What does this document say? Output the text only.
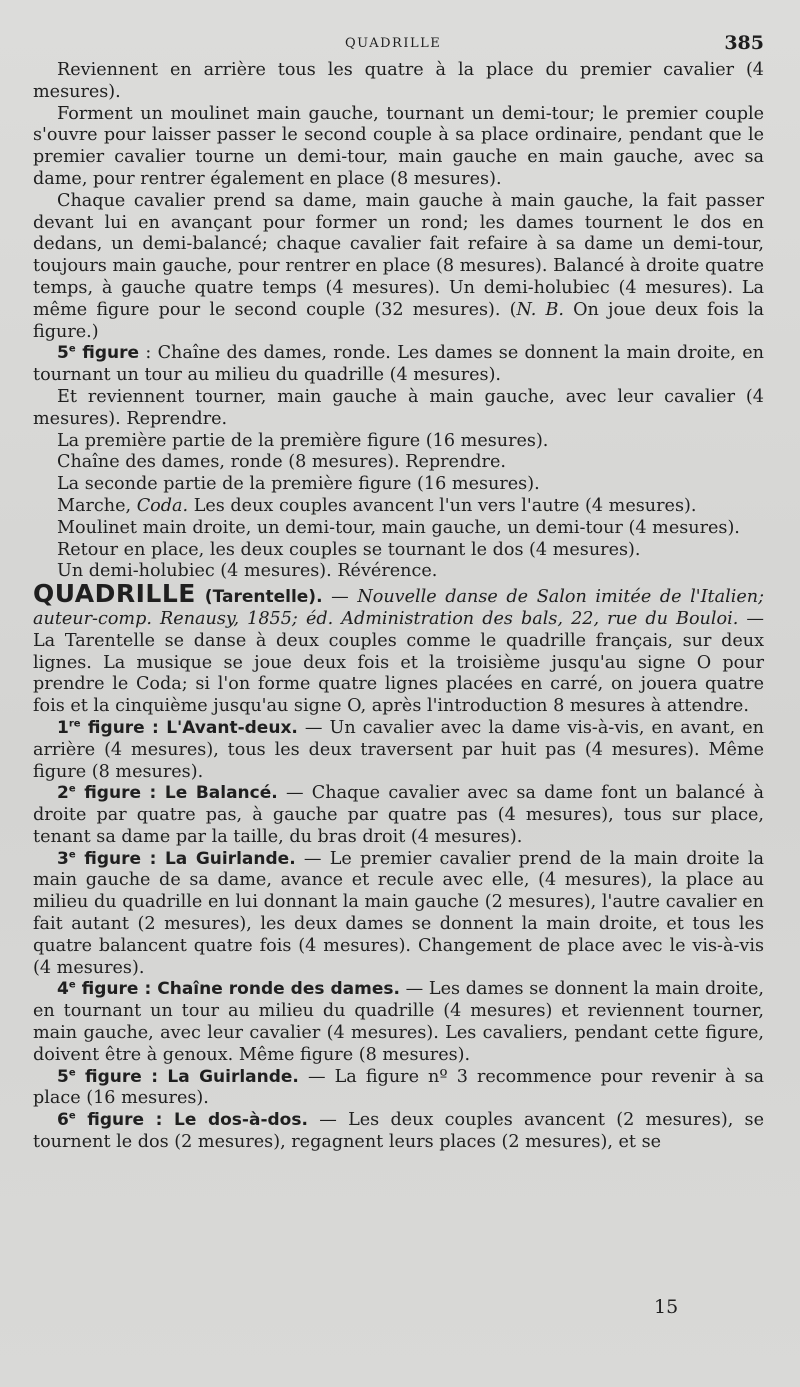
QUADRILLE	385

Reviennent en arrière tous les quatre à la place du premier cavalier (4 mesures).

Forment un moulinet main gauche, tournant un demi-tour; le premier couple s'ouvre pour laisser passer le second couple à sa place ordinaire, pendant que le premier cavalier tourne un demi-tour, main gauche en main gauche, avec sa dame, pour rentrer également en place (8 mesures).

Chaque cavalier prend sa dame, main gauche à main gauche, la fait passer devant lui en avançant pour former un rond; les dames tournent le dos en dedans, un demi-balancé; chaque cavalier fait refaire à sa dame un demi-tour, toujours main gauche, pour rentrer en place (8 mesures). Balancé à droite quatre temps, à gauche quatre temps (4 mesures). Un demi-holubiec (4 mesures). La même figure pour le second couple (32 mesures). (N. B. On joue deux fois la figure.)

5e figure : Chaîne des dames, ronde. Les dames se donnent la main droite, en tournant un tour au milieu du quadrille (4 mesures).

Et reviennent tourner, main gauche à main gauche, avec leur cavalier (4 mesures). Reprendre.

La première partie de la première figure (16 mesures).

Chaîne des dames, ronde (8 mesures). Reprendre.

La seconde partie de la première figure (16 mesures).

Marche, Coda. Les deux couples avancent l'un vers l'autre (4 mesures).

Moulinet main droite, un demi-tour, main gauche, un demi-tour (4 mesures).

Retour en place, les deux couples se tournant le dos (4 mesures).

Un demi-holubiec (4 mesures). Révérence.

QUADRILLE (Tarentelle). — Nouvelle danse de Salon imitée de l'Italien; auteur-comp. Renausy, 1855; éd. Administration des bals, 22, rue du Bouloi. — La Tarentelle se danse à deux couples comme le quadrille français, sur deux lignes. La musique se joue deux fois et la troisième jusqu'au signe O pour prendre le Coda; si l'on forme quatre lignes placées en carré, on jouera quatre fois et la cinquième jusqu'au signe O, après l'introduction 8 mesures à attendre.

1re figure : L'Avant-deux. — Un cavalier avec la dame vis-à-vis, en avant, en arrière (4 mesures), tous les deux traversent par huit pas (4 mesures). Même figure (8 mesures).

2e figure : Le Balancé. — Chaque cavalier avec sa dame font un balancé à droite par quatre pas, à gauche par quatre pas (4 mesures), tous sur place, tenant sa dame par la taille, du bras droit (4 mesures).

3e figure : La Guirlande. — Le premier cavalier prend de la main droite la main gauche de sa dame, avance et recule avec elle, (4 mesures), la place au milieu du quadrille en lui donnant la main gauche (2 mesures), l'autre cavalier en fait autant (2 mesures), les deux dames se donnent la main droite, et tous les quatre balancent quatre fois (4 mesures). Changement de place avec le vis-à-vis (4 mesures).

4e figure : Chaîne ronde des dames. — Les dames se donnent la main droite, en tournant un tour au milieu du quadrille (4 mesures) et reviennent tourner, main gauche, avec leur cavalier (4 mesures). Les cavaliers, pendant cette figure, doivent être à genoux. Même figure (8 mesures).

5e figure : La Guirlande. — La figure nº 3 recommence pour revenir à sa place (16 mesures).

6e figure : Le dos-à-dos. — Les deux couples avancent (2 mesures), se tournent le dos (2 mesures), regagnent leurs places (2 mesures), et se

15
